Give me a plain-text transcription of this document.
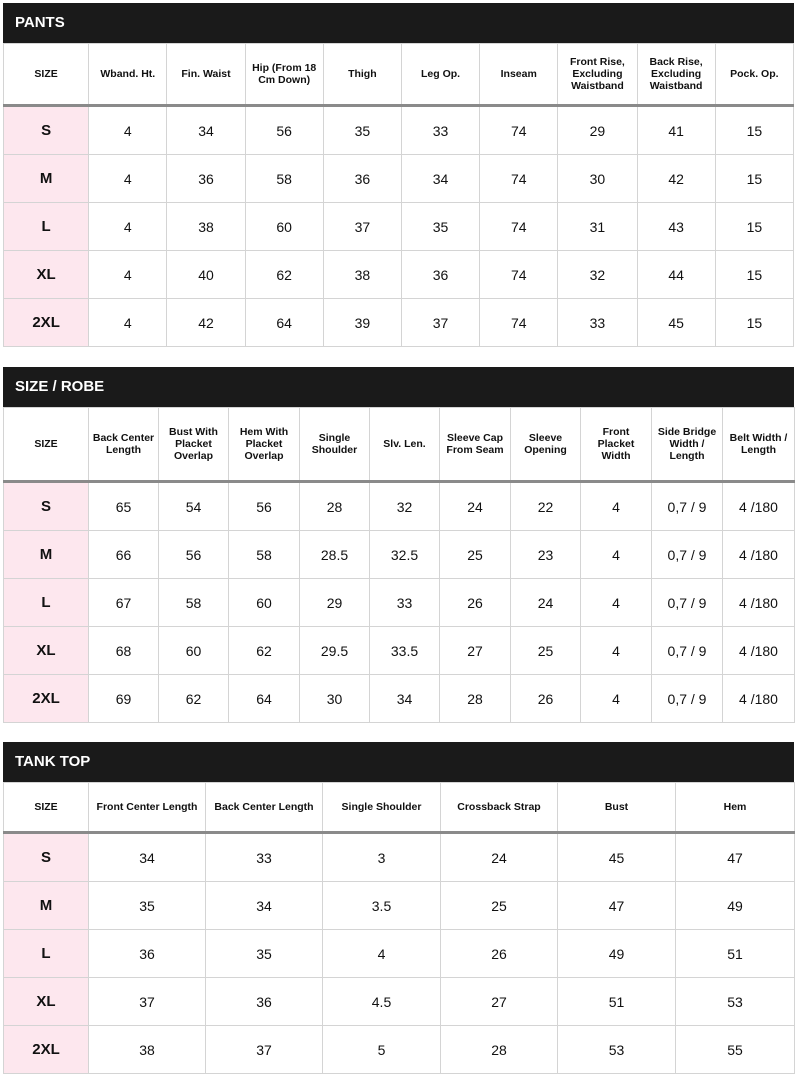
PANTS
SIZE	Wband. Ht.	Fin. Waist	Hip (From 18 Cm Down)	Thigh	Leg Op.	Inseam	Front Rise, Excluding Waistband	Back Rise, Excluding Waistband	Pock. Op.
S	4	34	56	35	33	74	29	41	15
M	4	36	58	36	34	74	30	42	15
L	4	38	60	37	35	74	31	43	15
XL	4	40	62	38	36	74	32	44	15
2XL	4	42	64	39	37	74	33	45	15
SIZE / ROBE
SIZE	Back Center Length	Bust With Placket Overlap	Hem With Placket Overlap	Single Shoulder	Slv. Len.	Sleeve Cap From Seam	Sleeve Opening	Front Placket Width	Side Bridge Width / Length	Belt Width / Length
S	65	54	56	28	32	24	22	4	0,7 / 9	4 /180
M	66	56	58	28.5	32.5	25	23	4	0,7 / 9	4 /180
L	67	58	60	29	33	26	24	4	0,7 / 9	4 /180
XL	68	60	62	29.5	33.5	27	25	4	0,7 / 9	4 /180
2XL	69	62	64	30	34	28	26	4	0,7 / 9	4 /180
TANK TOP
SIZE	Front Center Length	Back Center Length	Single Shoulder	Crossback Strap	Bust	Hem
S	34	33	3	24	45	47
M	35	34	3.5	25	47	49
L	36	35	4	26	49	51
XL	37	36	4.5	27	51	53
2XL	38	37	5	28	53	55
